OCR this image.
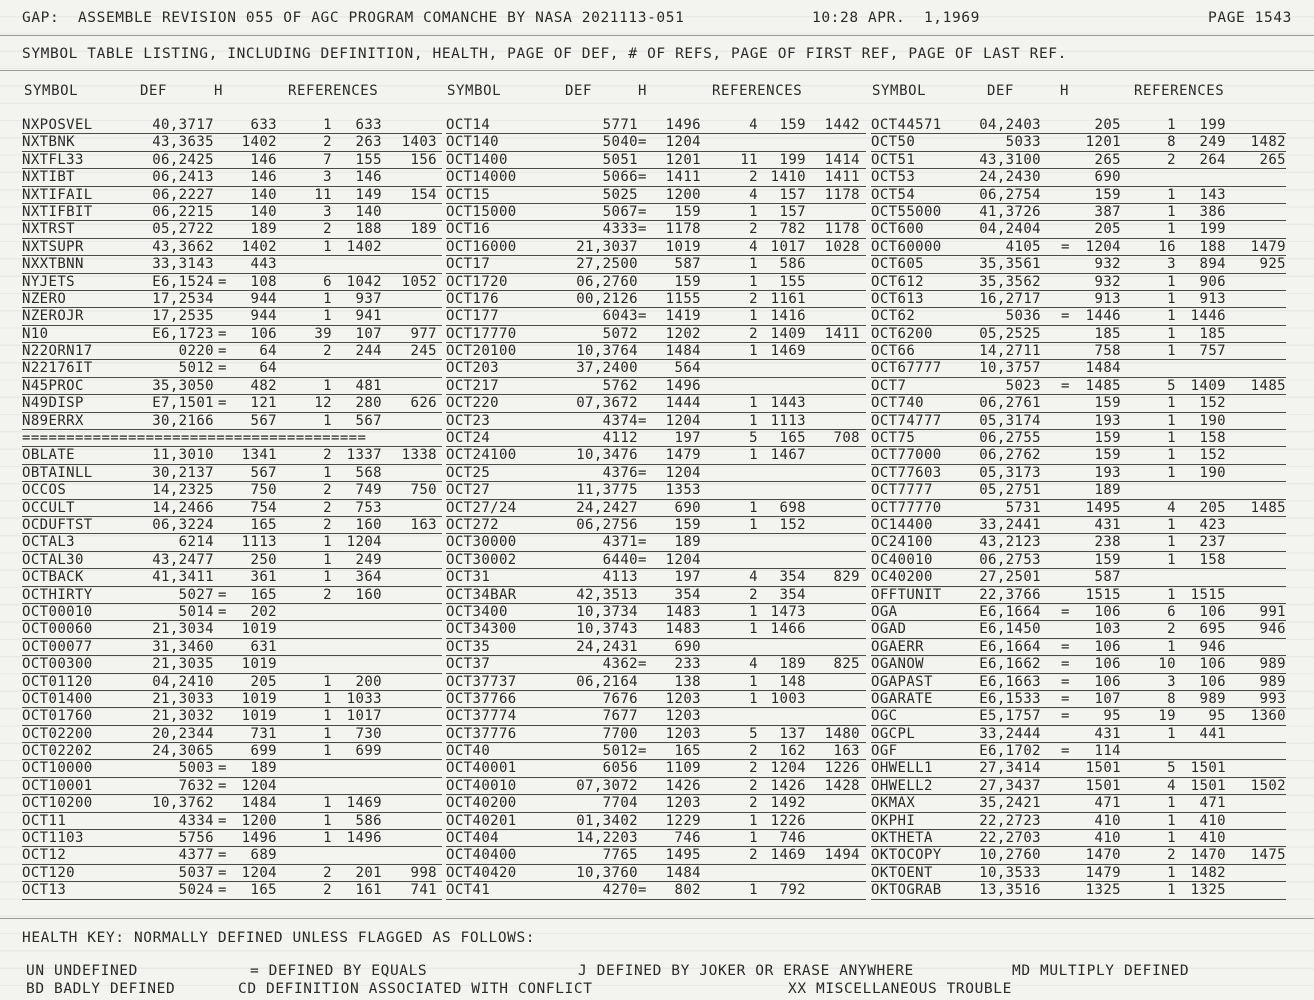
GAP:  ASSEMBLE REVISION 055 OF AGC PROGRAM COMANCHE BY NASA 2021113-051	10:28 APR.  1,1969	PAGE 1543
SYMBOL TABLE LISTING, INCLUDING DEFINITION, HEALTH, PAGE OF DEF, # OF REFS, PAGE OF FIRST REF, PAGE OF LAST REF.
SYMBOL	DEF	H	REFERENCES	SYMBOL	DEF	H	REFERENCES	SYMBOL	DEF	H	REFERENCES
NXPOSVEL	40,3717	633	1 633
NXTBNK	43,3635 1402	2 263 1403
NXTFL33	06,2425	146	7 155 156
NXTIBT	06,2413	146	3 146
NXTIFAIL	06,2227	140	11 149 154
NXTIFBIT	06,2215	140	3 140
NXTRST	05,2722	189	2 188 189
NXTSUPR	43,3662 1402	1 1402
NXXTBNN	33,3143	443
NYJETS	E6,1524 = 108	6 1042 1052
NZERO	17,2534	944	1 937
NZEROJR	17,2535	944	1 941
N10	E6,1723 = 106	39 107 977
N22ORN17	0220 = 64	2 244 245
N22176IT	5012 = 64
N45PROC	35,3050	482	1 481
N49DISP	E7,1501 = 121	12 280 626
N89ERRX	30,2166	567	1 567
=======================================
OBLATE	11,3010 1341	2 1337 1338
OBTAINLL	30,2137	567	1 568
OCCOS	14,2325	750	2 749 750
OCCULT	14,2466	754	2 753
OCDUFTST	06,3224	165	2 160 163
OCTAL3	6214 1113	1 1204
OCTAL30	43,2477	250	1 249
OCTBACK	41,3411	361	1 364
OCTHIRTY	5027 = 165	2 160
OCT00010	5014 = 202
OCT00060	21,3034 1019
OCT00077	31,3460	631
OCT00300	21,3035 1019
OCT01120	04,2410	205	1 200
OCT01400	21,3033 1019	1 1033
OCT01760	21,3032 1019	1 1017
OCT02200	20,2344	731	1 730
OCT02202	24,3065	699	1 699
OCT10000	5003 = 189
OCT10001	7632 = 1204
OCT10200	10,3762 1484	1 1469
OCT11	4334 = 1200	1 586
OCT1103	5756 1496	1 1496
OCT12	4377 = 689
OCT120	5037 = 1204	2 201 998
OCT13	5024 = 165	2 161 741
OCT14	5771 1496	4 159 1442
OCT140	5040 = 1204
OCT1400	5051 1201	11 199 1414
OCT14000	5066 = 1411	2 1410 1411
OCT15	5025 1200	4 157 1178
OCT15000	5067 = 159	1 157
OCT16	4333 = 1178	2 782 1178
OCT16000	21,3037 1019	4 1017 1028
OCT17	27,2500	587	1 586
OCT1720	06,2760	159	1 155
OCT176	00,2126 1155	2 1161
OCT177	6043 = 1419	1 1416
OCT17770	5072 1202	2 1409 1411
OCT20100	10,3764 1484	1 1469
OCT203	37,2400	564
OCT217	5762 1496
OCT220	07,3672 1444	1 1443
OCT23	4374 = 1204	1 1113
OCT24	4112	197	5 165 708
OCT24100	10,3476 1479	1 1467
OCT25	4376 = 1204
OCT27	11,3775 1353
OCT27/24	24,2427	690	1 698
OCT272	06,2756	159	1 152
OCT30000	4371 = 189
OCT30002	6440 = 1204
OCT31	4113	197	4 354 829
OCT34BAR	42,3513	354	2 354
OCT3400	10,3734 1483	1 1473
OCT34300	10,3743 1483	1 1466
OCT35	24,2431	690
OCT37	4362 = 233	4 189 825
OCT37737	06,2164	138	1 148
OCT37766	7676 1203	1 1003
OCT37774	7677 1203
OCT37776	7700 1203	5 137 1480
OCT40	5012 = 165	2 162 163
OCT40001	6056 1109	2 1204 1226
OCT40010	07,3072 1426	2 1426 1428
OCT40200	7704 1203	2 1492
OCT40201	01,3402 1229	1 1226
OCT404	14,2203	746	1 746
OCT40400	7765 1495	2 1469 1494
OCT40420	10,3760 1484
OCT41	4270 = 802	1 792
OCT44571	04,2403	205	1 199
OCT50	5033	1201	8 249 1482
OCT51	43,3100	265	2 264 265
OCT53	24,2430	690
OCT54	06,2754	159	1 143
OCT55000	41,3726	387	1 386
OCT600	04,2404	205	1 199
OCT60000	4105 = 1204	16 188 1479
OCT605	35,3561	932	3 894 925
OCT612	35,3562	932	1 906
OCT613	16,2717	913	1 913
OCT62	5036 = 1446	1 1446
OCT6200	05,2525	185	1 185
OCT66	14,2711	758	1 757
OCT67777	10,3757	1484
OCT7	5023 = 1485	5 1409 1485
OCT740	06,2761	159	1 152
OCT74777	05,3174	193	1 190
OCT75	06,2755	159	1 158
OCT77000	06,2762	159	1 152
OCT77603	05,3173	193	1 190
OCT7777	05,2751	189
OCT77770	5731	1495	4 205 1485
OC14400	33,2441	431	1 423
OC24100	43,2123	238	1 237
OC40010	06,2753	159	1 158
OC40200	27,2501	587
OFFTUNIT	22,3766	1515	1 1515
OGA	E6,1664 = 106	6 106 991
OGAD	E6,1450	103	2 695 946
OGAERR	E6,1664 = 106	1 946
OGANOW	E6,1662 = 106	10 106 989
OGAPAST	E6,1663 = 106	3 106 989
OGARATE	E6,1533 = 107	8 989 993
OGC	E5,1757 = 95	19 95 1360
OGCPL	33,2444	431	1 441
OGF	E6,1702 = 114
OHWELL1	27,3414	1501	5 1501
OHWELL2	27,3437	1501	4 1501 1502
OKMAX	35,2421	471	1 471
OKPHI	22,2723	410	1 410
OKTHETA	22,2703	410	1 410
OKTOCOPY	10,2760	1470	2 1470 1475
OKTOENT	10,3533	1479	1 1482
OKTOGRAB	13,3516	1325	1 1325
HEALTH KEY: NORMALLY DEFINED UNLESS FLAGGED AS FOLLOWS:
UN UNDEFINED	= DEFINED BY EQUALS	J DEFINED BY JOKER OR ERASE ANYWHERE	MD MULTIPLY DEFINED
BD BADLY DEFINED	CD DEFINITION ASSOCIATED WITH CONFLICT	XX MISCELLANEOUS TROUBLE
